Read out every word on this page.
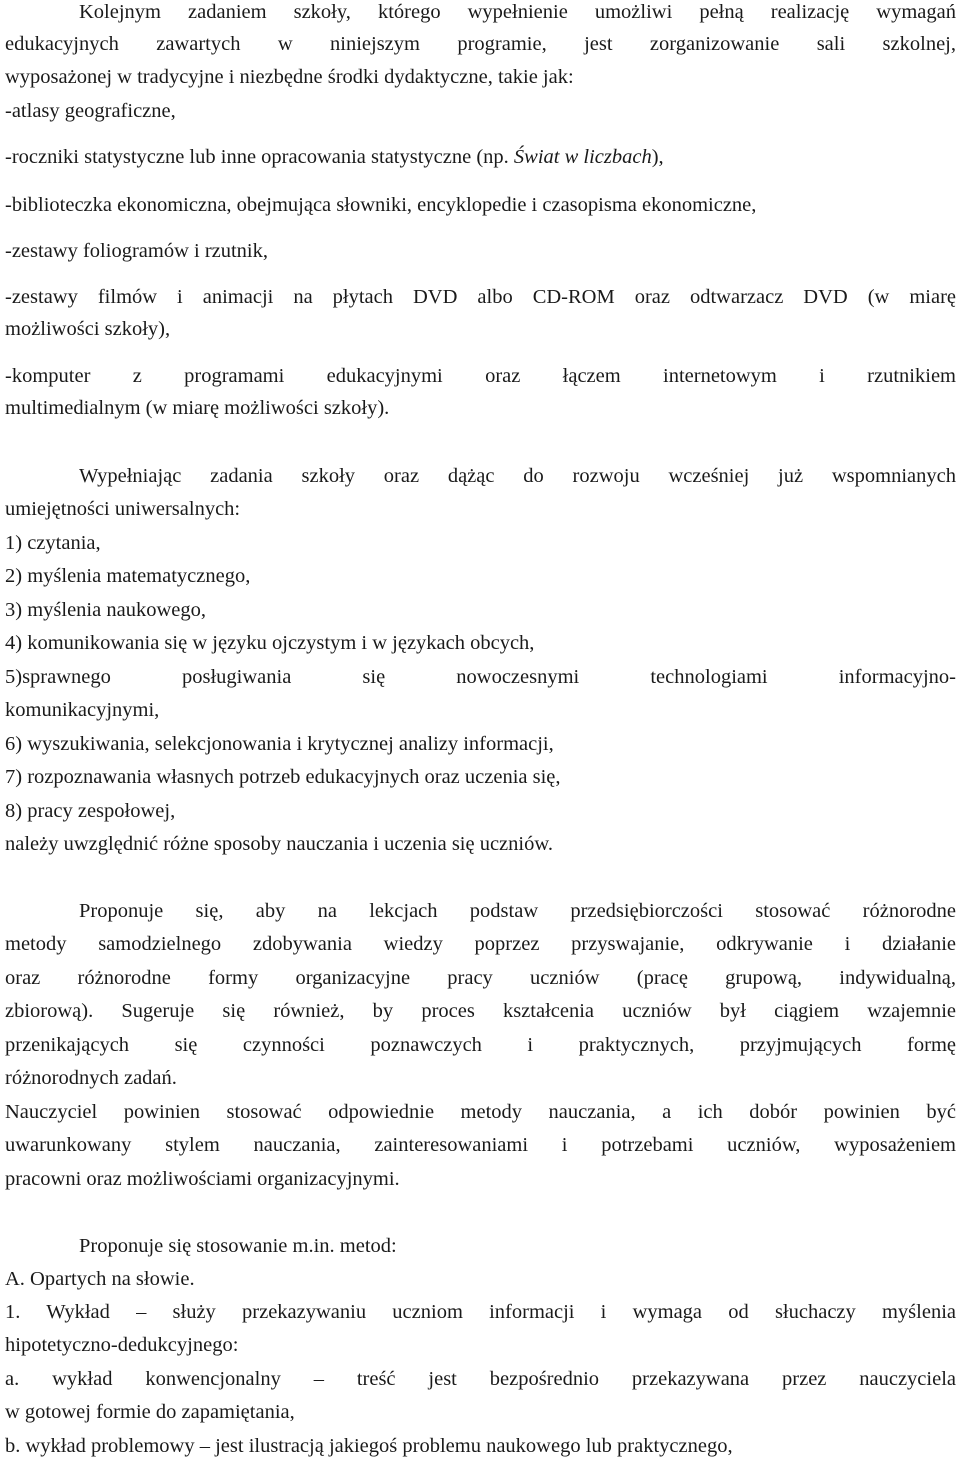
Kolejnym zadaniem szkoły, którego wypełnienie umożliwi pełną realizację wymagań
edukacyjnych zawartych w niniejszym programie, jest zorganizowanie sali szkolnej,
wyposażonej w tradycyjne i niezbędne środki dydaktyczne, takie jak:
-atlasy geograficzne,
-roczniki statystyczne lub inne opracowania statystyczne (np. Świat w liczbach),
-biblioteczka ekonomiczna, obejmująca słowniki, encyklopedie i czasopisma ekonomiczne,
-zestawy foliogramów i rzutnik,
-zestawy filmów i animacji na płytach DVD albo CD-ROM oraz odtwarzacz DVD (w miarę
możliwości szkoły),
-komputer z programami edukacyjnymi oraz łączem internetowym i rzutnikiem
multimedialnym (w miarę możliwości szkoły).
Wypełniając zadania szkoły oraz dążąc do rozwoju wcześniej już wspomnianych
umiejętności uniwersalnych:
1) czytania,
2) myślenia matematycznego,
3) myślenia naukowego,
4) komunikowania się w języku ojczystym i w językach obcych,
5)sprawnego posługiwania się nowoczesnymi technologiami informacyjno-
komunikacyjnymi,
6) wyszukiwania, selekcjonowania i krytycznej analizy informacji,
7) rozpoznawania własnych potrzeb edukacyjnych oraz uczenia się,
8) pracy zespołowej,
należy uwzględnić różne sposoby nauczania i uczenia się uczniów.
Proponuje się, aby na lekcjach podstaw przedsiębiorczości stosować różnorodne
metody samodzielnego zdobywania wiedzy poprzez przyswajanie, odkrywanie i działanie
oraz różnorodne formy organizacyjne pracy uczniów (pracę grupową, indywidualną,
zbiorową). Sugeruje się również, by proces kształcenia uczniów był ciągiem wzajemnie
przenikających się czynności poznawczych i praktycznych, przyjmujących formę
różnorodnych zadań.
Nauczyciel powinien stosować odpowiednie metody nauczania, a ich dobór powinien być
uwarunkowany stylem nauczania, zainteresowaniami i potrzebami uczniów, wyposażeniem
pracowni oraz możliwościami organizacyjnymi.
Proponuje się stosowanie m.in. metod:
A. Opartych na słowie.
1. Wykład – służy przekazywaniu uczniom informacji i wymaga od słuchaczy myślenia
hipotetyczno-dedukcyjnego:
a. wykład konwencjonalny – treść jest bezpośrednio przekazywana przez nauczyciela
w gotowej formie do zapamiętania,
b. wykład problemowy – jest ilustracją jakiegoś problemu naukowego lub praktycznego,
